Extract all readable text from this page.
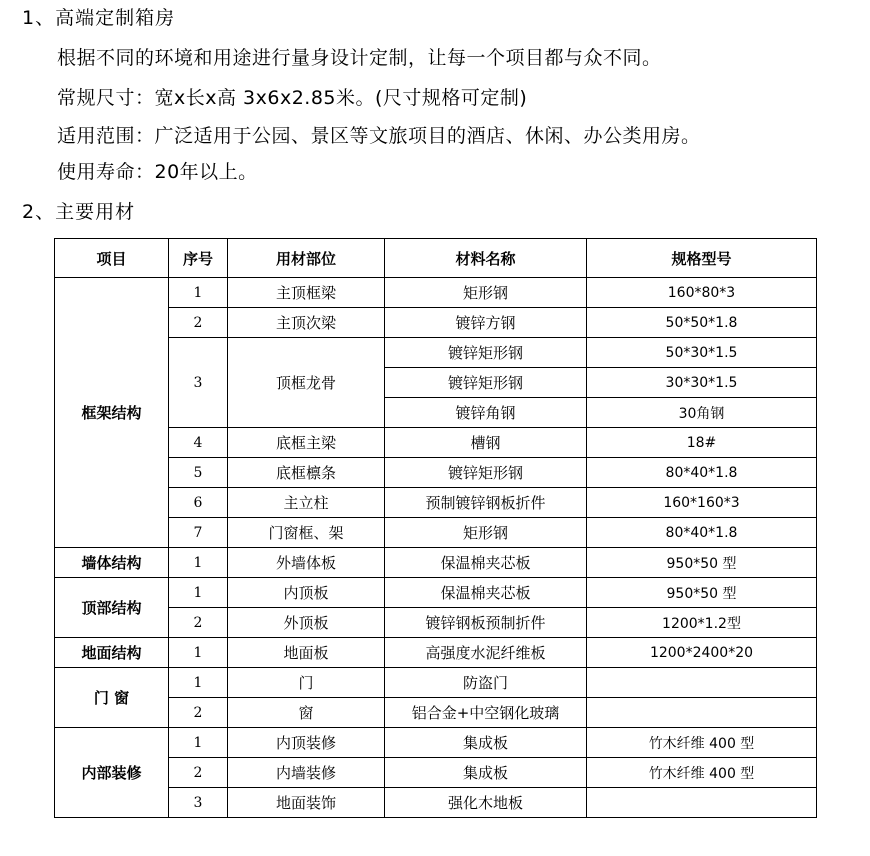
1、高端定制箱房
根据不同的环境和用途进行量身设计定制，让每一个项目都与众不同。
常规尺寸：宽x长x高 3x6x2.85米。(尺寸规格可定制)
适用范围：广泛适用于公园、景区等文旅项目的酒店、休闲、办公类用房。
使用寿命：20年以上。
2、主要用材
项目	序号	用材部位	材料名称	规格型号
框架结构	1	主顶框梁	矩形钢	160*80*3
	2	主顶次梁	镀锌方钢	50*50*1.8
	3	顶框龙骨	镀锌矩形钢	50*30*1.5
			镀锌矩形钢	30*30*1.5
			镀锌角钢	30角钢
	4	底框主梁	槽钢	18#
	5	底框檩条	镀锌矩形钢	80*40*1.8
	6	主立柱	预制镀锌钢板折件	160*160*3
	7	门窗框、架	矩形钢	80*40*1.8
墙体结构	1	外墙体板	保温棉夹芯板	950*50 型
顶部结构	1	内顶板	保温棉夹芯板	950*50 型
	2	外顶板	镀锌钢板预制折件	1200*1.2型
地面结构	1	地面板	高强度水泥纤维板	1200*2400*20
门 窗	1	门	防盗门	
	2	窗	铝合金+中空钢化玻璃	
内部装修	1	内顶装修	集成板	竹木纤维 400 型
	2	内墙装修	集成板	竹木纤维 400 型
	3	地面装饰	强化木地板	
